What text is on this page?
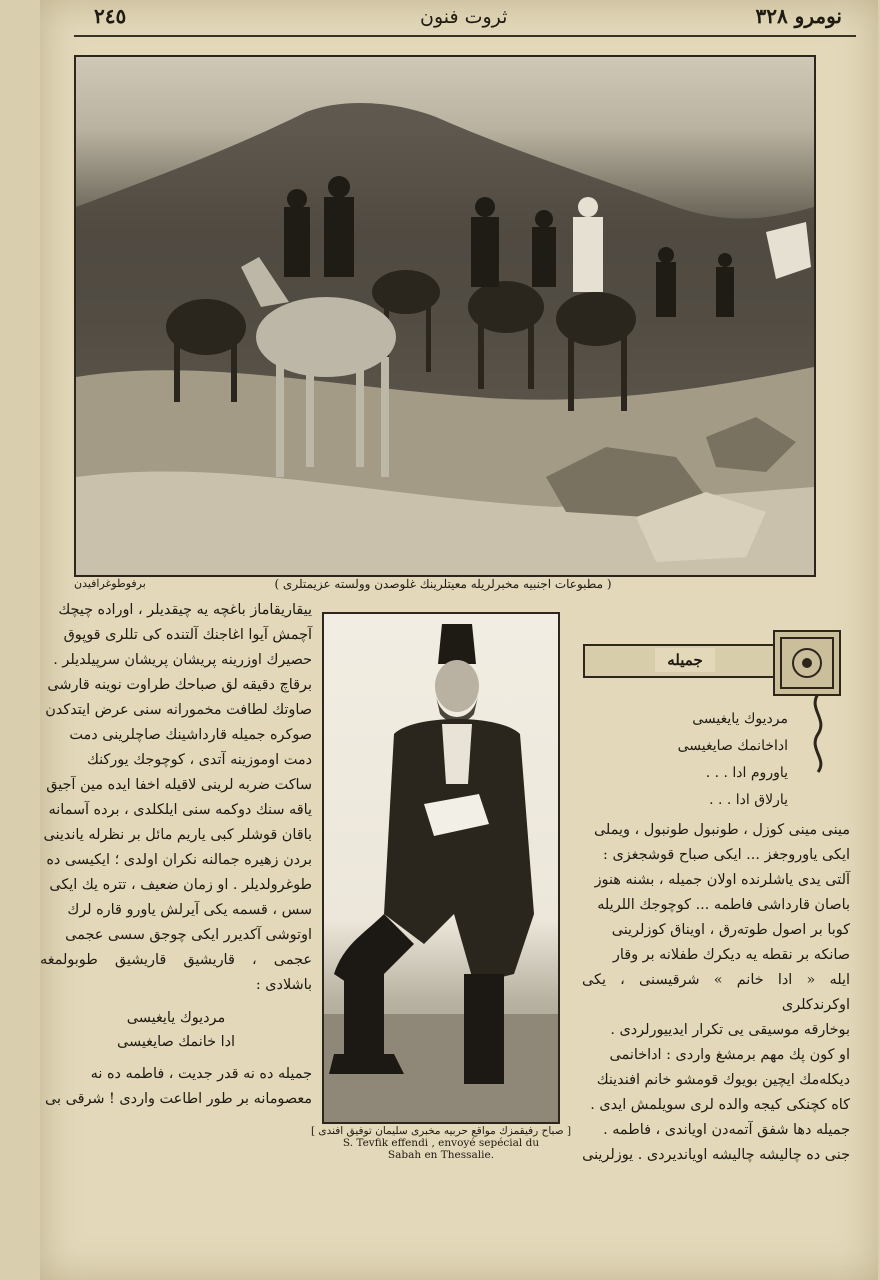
٢٤٥	ثروت فنون	نومرو ٣٢٨
( مطبوعات اجنبیه مخبرلریله معیتلرینك غلوصدن وولسته عزیمتلری )
برفوطوغرافیدن
جمیله
مردیوك یایغیسی
اداخانمك صایغیسی
یاوروم ادا . . .
یارلاق ادا . . .

مینی مینی کوزل ، طونبول طونبول ، ویملی

ایکی یاوروجغز ... ایکی صباح قوشجغزی :

آلتی یدی یاشلرنده اولان جمیله ، بشنه هنوز

باصان قارداشی فاطمه ... کوچوجك اللریله

کوبا بر اصول طوتەرق ، اویناق کوزلرینی

صانکه بر نقطه یه دیکرك طفلانه بر وقار

ایله « ادا خانم » شرقیسنی ، یکی اوکرندکلری

بوخارقه موسیقی یی تکرار ایدییورلردی .

او کون پك مهم برمشغ واردی : اداخانمی

دیکلەمك ایچین بویوك قومشو خانم افندینك

کاه کچنکی کیجه والده لری سویلمش ایدی .

جمیله دها شفق آتمەدن اویاندی ، فاطمه .

جنی ده چالیشه چالیشه اویاندیردی . یوزلرینی

[ صباح رفیقمزك مواقع حربیه مخبری سلیمان توفیق افندی ]
S. Tevfik effendi , envoyé sepécial du
Sabah en Thessalie.

ییقاریقاماز باغچه یه چیقدیلر ، اوراده چیچك

آچمش آیوا اغاجنك آلتنده کی تللری قوپوق

حصیرك اوزرینه پریشان پریشان سرپیلدیلر .

برقاچ دقیقه لق صباحك طراوت نوینه قارشی

صاوتك لطافت مخمورانه سنی عرض ایتدکدن

صوکره جمیله قارداشینك صاچلرینی دمت

دمت اوموزینه آتدی ، کوچوجك یورکنك

ساکت ضربه لرینی لاقیله اخفا ایده مین آجیق

یاقه سنك دوکمه سنی ایلکلدی ، برده آسمانه

باقان قوشلر کبی یاریم مائل بر نظرله یاندینی

بردن زهیره جمالنه نکران اولدی ؛ ایکیسی ده

طوغرولدیلر . او زمان ضعیف ، تتره یك ایکی

سس ، قسمه یکی آیرلش یاورو قاره لرك

اوتوشی آکدیرر ایکی چوجق سسی عجمی

عجمی ، قاریشیق قاریشیق طوبولمغه باشلادی :

مردیوك یایغیسی
ادا خانمك صایغیسی

جمیله ده نه قدر جدیت ، فاطمه ده نه

معصومانه بر طور اطاعت واردی ! شرقی بی
